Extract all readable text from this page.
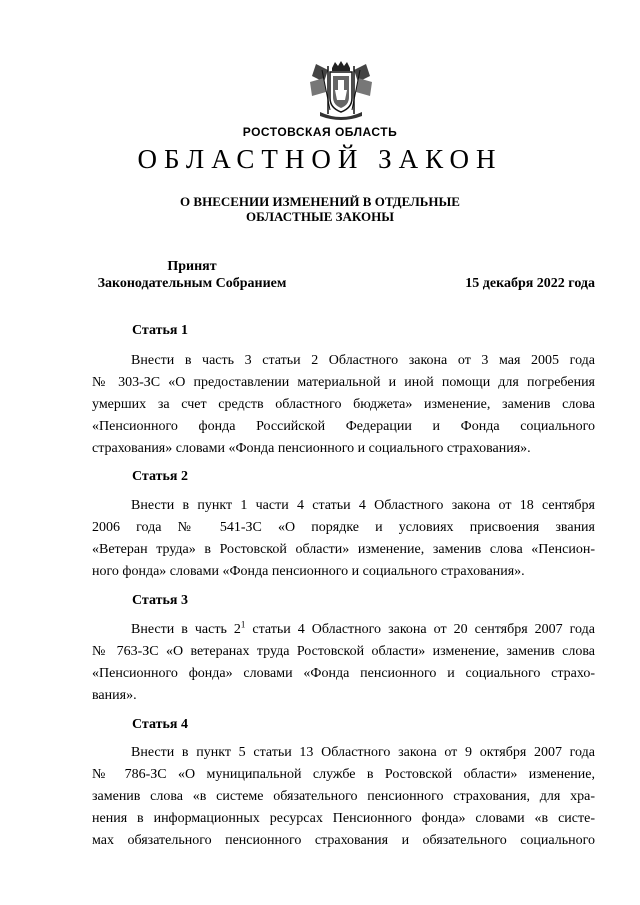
РОСТОВСКАЯ ОБЛАСТЬ
ОБЛАСТНОЙ ЗАКОН
О ВНЕСЕНИИ ИЗМЕНЕНИЙ В ОТДЕЛЬНЫЕ
ОБЛАСТНЫЕ ЗАКОНЫ
Принят
Законодательным Собранием	15 декабря 2022 года
Статья 1
Внести в часть 3 статьи 2 Областного закона от 3 мая 2005 года
№ 303-ЗС «О предоставлении материальной и иной помощи для погребения
умерших за счет средств областного бюджета» изменение, заменив слова
«Пенсионного фонда Российской Федерации и Фонда социального
страхования» словами «Фонда пенсионного и социального страхования».
Статья 2
Внести в пункт 1 части 4 статьи 4 Областного закона от 18 сентября
2006 года № 541-ЗС «О порядке и условиях присвоения звания
«Ветеран труда» в Ростовской области» изменение, заменив слова «Пенсион-
ного фонда» словами «Фонда пенсионного и социального страхования».
Статья 3
Внести в часть $2^1$ статьи 4 Областного закона от 20 сентября 2007 года
№ 763-ЗС «О ветеранах труда Ростовской области» изменение, заменив слова
«Пенсионного фонда» словами «Фонда пенсионного и социального страхо-
вания».
Статья 4
Внести в пункт 5 статьи 13 Областного закона от 9 октября 2007 года
№ 786-ЗС «О муниципальной службе в Ростовской области» изменение,
заменив слова «в системе обязательного пенсионного страхования, для хра-
нения в информационных ресурсах Пенсионного фонда» словами «в систе-
мах обязательного пенсионного страхования и обязательного социального
